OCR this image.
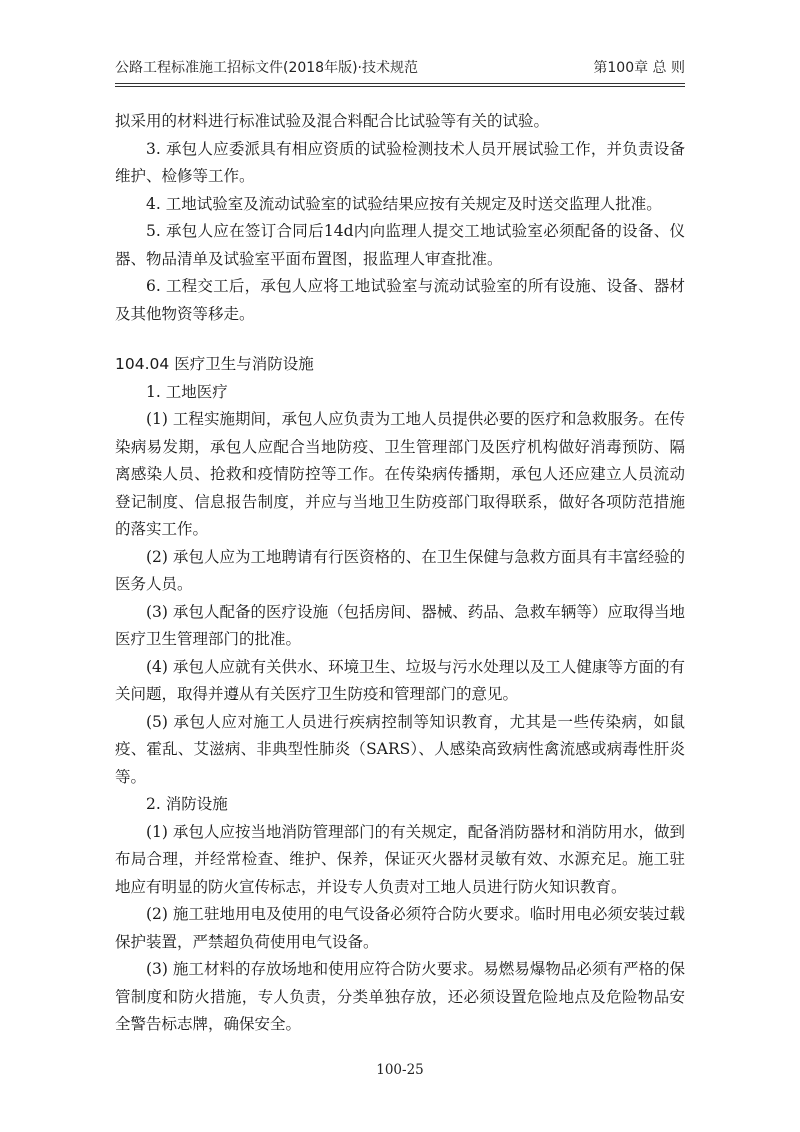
公路工程标准施工招标文件(2018年版)·技术规范	第100章 总 则

拟采用的材料进行标准试验及混合料配合比试验等有关的试验。

3. 承包人应委派具有相应资质的试验检测技术人员开展试验工作，并负责设备维护、检修等工作。

4. 工地试验室及流动试验室的试验结果应按有关规定及时送交监理人批准。

5. 承包人应在签订合同后14d内向监理人提交工地试验室必须配备的设备、仪器、物品清单及试验室平面布置图，报监理人审查批准。

6. 工程交工后，承包人应将工地试验室与流动试验室的所有设施、设备、器材及其他物资等移走。

104.04 医疗卫生与消防设施

1. 工地医疗

(1) 工程实施期间，承包人应负责为工地人员提供必要的医疗和急救服务。在传染病易发期，承包人应配合当地防疫、卫生管理部门及医疗机构做好消毒预防、隔离感染人员、抢救和疫情防控等工作。在传染病传播期，承包人还应建立人员流动登记制度、信息报告制度，并应与当地卫生防疫部门取得联系，做好各项防范措施的落实工作。

(2) 承包人应为工地聘请有行医资格的、在卫生保健与急救方面具有丰富经验的医务人员。

(3) 承包人配备的医疗设施（包括房间、器械、药品、急救车辆等）应取得当地医疗卫生管理部门的批准。

(4) 承包人应就有关供水、环境卫生、垃圾与污水处理以及工人健康等方面的有关问题，取得并遵从有关医疗卫生防疫和管理部门的意见。

(5) 承包人应对施工人员进行疾病控制等知识教育，尤其是一些传染病，如鼠疫、霍乱、艾滋病、非典型性肺炎（SARS）、人感染高致病性禽流感或病毒性肝炎等。

2. 消防设施

(1) 承包人应按当地消防管理部门的有关规定，配备消防器材和消防用水，做到布局合理，并经常检查、维护、保养，保证灭火器材灵敏有效、水源充足。施工驻地应有明显的防火宣传标志，并设专人负责对工地人员进行防火知识教育。

(2) 施工驻地用电及使用的电气设备必须符合防火要求。临时用电必须安装过载保护装置，严禁超负荷使用电气设备。

(3) 施工材料的存放场地和使用应符合防火要求。易燃易爆物品必须有严格的保管制度和防火措施，专人负责，分类单独存放，还必须设置危险地点及危险物品安全警告标志牌，确保安全。

100-25
